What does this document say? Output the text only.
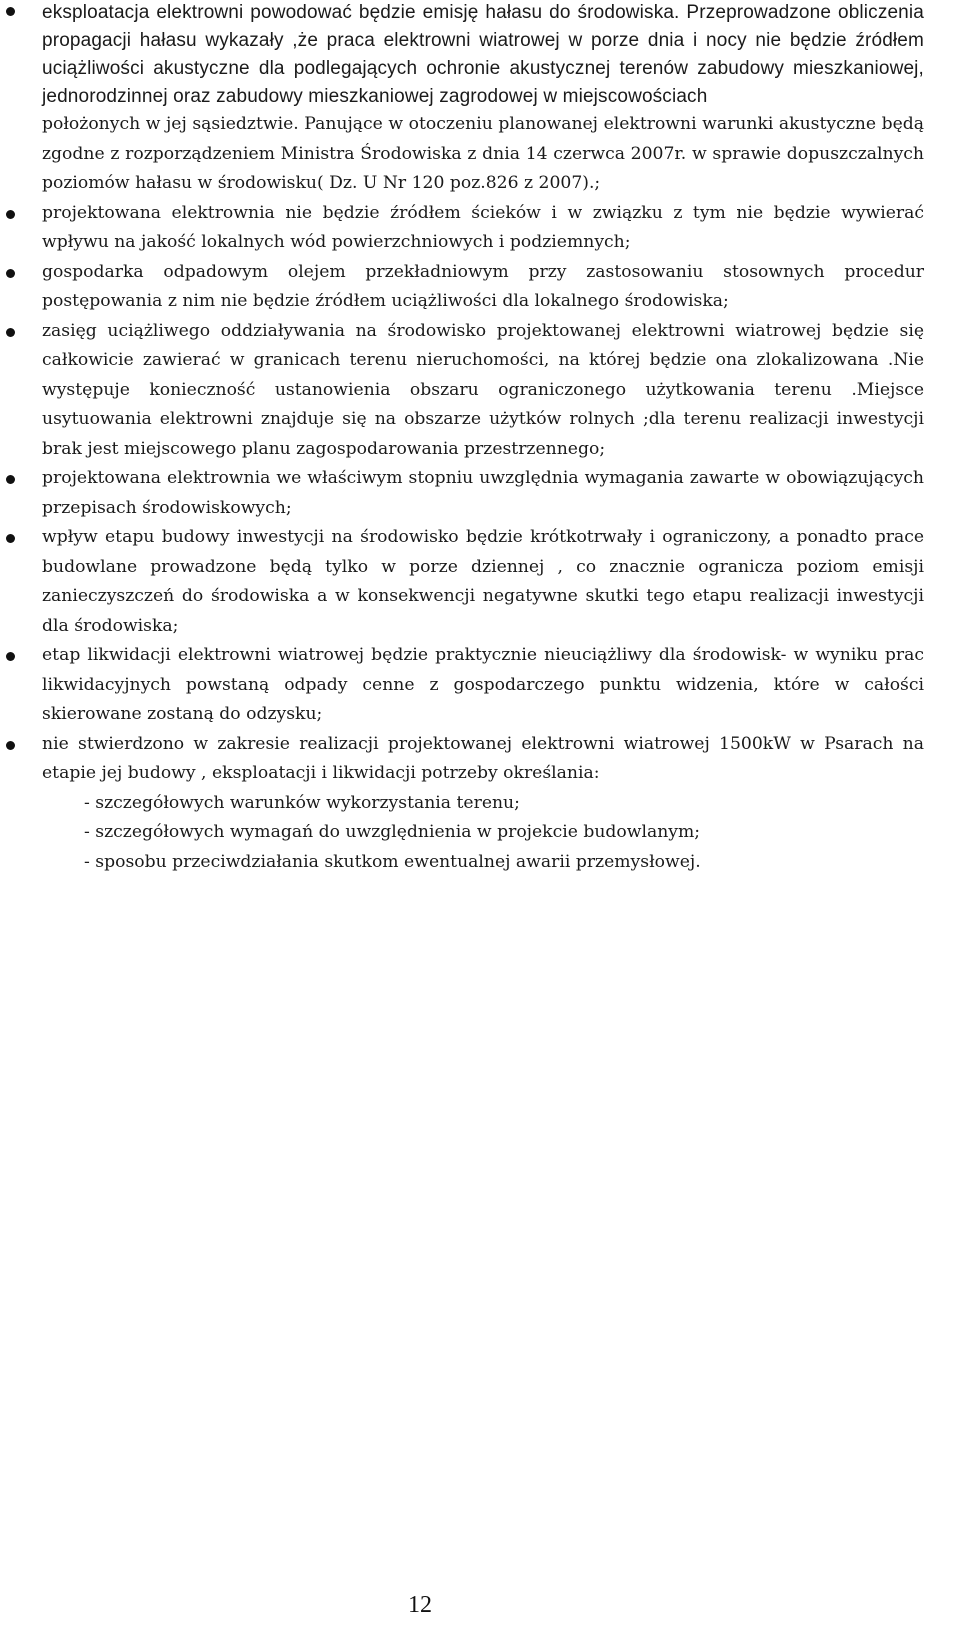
eksploatacja elektrowni powodować będzie emisję hałasu do środowiska. Przeprowadzone obliczenia propagacji hałasu wykazały ,że praca elektrowni wiatrowej w porze dnia i nocy nie będzie źródłem uciążliwości akustyczne dla podlegających ochronie akustycznej terenów zabudowy mieszkaniowej, jednorodzinnej oraz zabudowy mieszkaniowej zagrodowej w miejscowościach

położonych w jej sąsiedztwie. Panujące w otoczeniu planowanej elektrowni warunki akustyczne będą zgodne z rozporządzeniem Ministra Środowiska z dnia 14 czerwca 2007r. w sprawie dopuszczalnych poziomów hałasu w środowisku( Dz. U Nr 120 poz.826 z 2007).;

projektowana elektrownia nie będzie źródłem ścieków i w związku z tym nie będzie wywierać wpływu na jakość lokalnych wód powierzchniowych i podziemnych;

gospodarka odpadowym olejem przekładniowym przy zastosowaniu stosownych procedur postępowania z nim nie będzie źródłem uciążliwości dla lokalnego środowiska;

zasięg uciążliwego oddziaływania na środowisko projektowanej elektrowni wiatrowej będzie się całkowicie zawierać w granicach terenu nieruchomości, na której będzie ona zlokalizowana .Nie występuje konieczność ustanowienia obszaru ograniczonego użytkowania terenu .Miejsce usytuowania elektrowni znajduje się na obszarze użytków rolnych ;dla terenu realizacji inwestycji brak jest miejscowego planu zagospodarowania przestrzennego;

projektowana elektrownia we właściwym stopniu uwzględnia wymagania zawarte w obowiązujących przepisach środowiskowych;

wpływ etapu budowy inwestycji na środowisko będzie krótkotrwały i ograniczony, a ponadto prace budowlane prowadzone będą tylko w porze dziennej , co znacznie ogranicza poziom emisji zanieczyszczeń do środowiska a w konsekwencji negatywne skutki tego etapu realizacji inwestycji dla środowiska;

etap likwidacji elektrowni wiatrowej będzie praktycznie nieuciążliwy dla środowisk- w wyniku prac likwidacyjnych powstaną odpady cenne z gospodarczego punktu widzenia, które w całości skierowane zostaną do odzysku;

nie stwierdzono w zakresie realizacji projektowanej elektrowni wiatrowej 1500kW w Psarach na etapie jej budowy , eksploatacji i likwidacji potrzeby określania:

- szczegółowych warunków wykorzystania terenu;
- szczegółowych wymagań do uwzględnienia w projekcie budowlanym;
- sposobu przeciwdziałania skutkom ewentualnej awarii przemysłowej.
12
